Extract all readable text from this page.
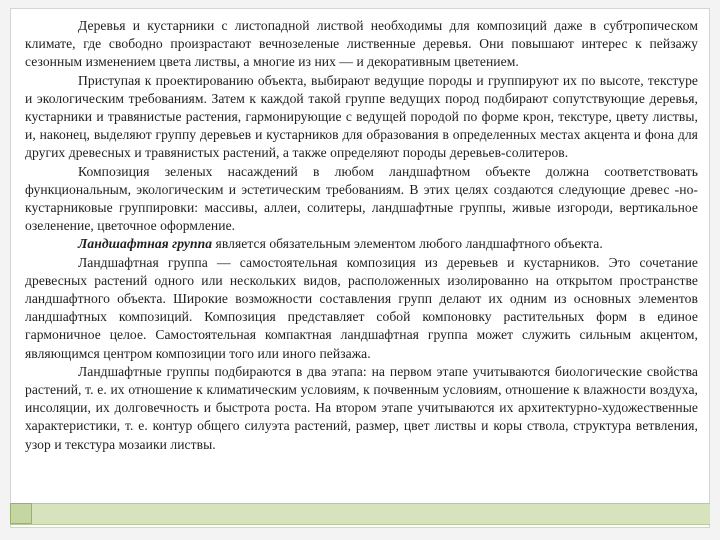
Деревья и кустарники с листопадной листвой необходимы для композиций даже в субтропическом климате, где свободно произрастают вечнозеленые лиственные деревья. Они повышают интерес к пейзажу сезонным изменением цвета листвы, а многие из них — и декоративным цветением.

Приступая к проектированию объекта, выбирают ведущие породы и группируют их по высоте, текстуре и экологическим требованиям. Затем к каждой такой группе ведущих пород подбирают сопутствующие деревья, кустарники и травянистые растения, гармонирующие с ведущей породой по форме крон, текстуре, цвету листвы, и, наконец, выделяют группу деревьев и кустарников для образования в определенных местах акцента и фона для других древесных и травянистых растений, а также определяют породы деревьев-солитеров.

Композиция зеленых насаждений в любом ландшафтном объекте должна соответствовать функциональным, экологическим и эстетическим требованиям. В этих целях создаются следующие древес -но-кустарниковые группировки: массивы, аллеи, солитеры, ландшафтные группы, живые изгороди, вертикальное озеленение, цветочное оформление.

Ландшафтная группа является обязательным элементом любого ландшафтного объекта.

Ландшафтная группа — самостоятельная композиция из деревьев и кустарников. Это сочетание древесных растений одного или нескольких видов, расположенных изолированно на открытом пространстве ландшафтного объекта. Широкие возможности составления групп делают их одним из основных элементов ландшафтных композиций. Композиция представляет собой компоновку растительных форм в единое гармоничное целое. Самостоятельная компактная ландшафтная группа может служить сильным акцентом, являющимся центром композиции того или иного пейзажа.

Ландшафтные группы подбираются в два этапа: на первом этапе учитываются биологические свойства растений, т. е. их отношение к климатическим условиям, к почвенным условиям, отношение к влажности воздуха, инсоляции, их долговечность и быстрота роста. На втором этапе учитываются их архитектурно-художественные характеристики, т. е. контур общего силуэта растений, размер, цвет листвы и коры ствола, структура ветвления, узор и текстура мозаики листвы.
